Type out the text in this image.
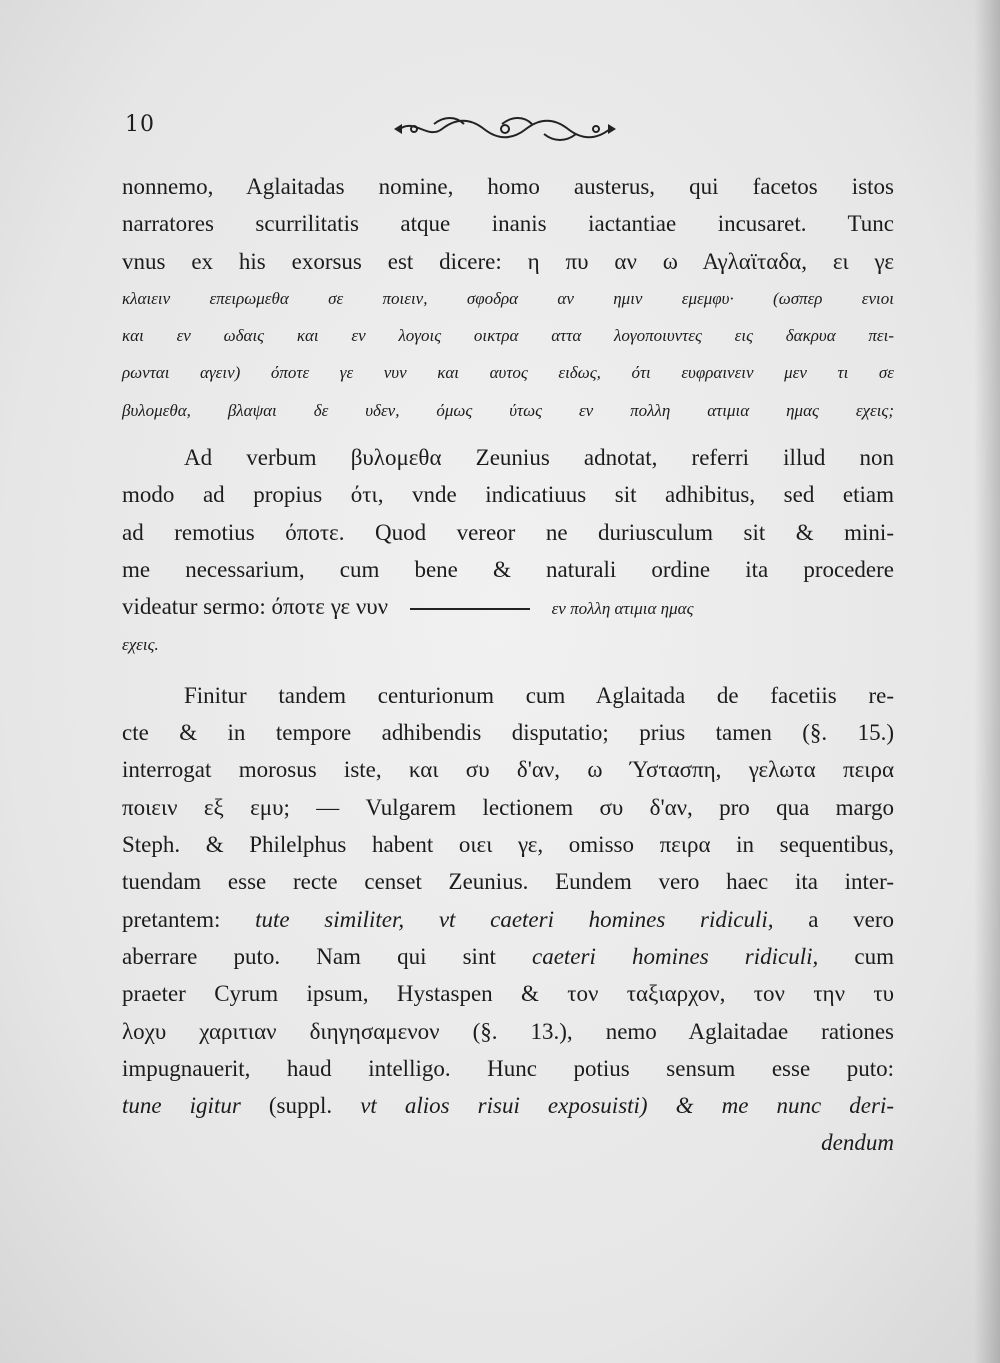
10
nonnemo, Aglaitadas nomine, homo austerus, qui facetos istos
narratores scurrilitatis atque inanis iactantiae incusaret. Tunc
vnus ex his exorsus est dicere: η πυ αν ω Αγλαϊταδα, ει γε
κλαιειν επειρωμεθα σε ποιειν, σφοδρα αν ημιν εμεμφυ· (ωσπερ ενιοι
και εν ωδαις και εν λογοις οικτρα αττα λογοποιυντες εις δακρυα πει-
ρωνται αγειν) όποτε γε νυν και αυτος ειδως, ότι ευφραινειν μεν τι σε
βυλομεθα, βλαψαι δε υδεν, όμως ύτως εν πολλη ατιμια ημας εχεις;
Ad verbum βυλομεθα Zeunius adnotat, referri illud non
modo ad propius ότι, vnde indicatiuus sit adhibitus, sed etiam
ad remotius όποτε. Quod vereor ne duriusculum sit & mini-
me necessarium, cum bene & naturali ordine ita procedere
videatur sermo: όποτε γε νυν	εν πολλη ατιμια ημας
εχεις.
Finitur tandem centurionum cum Aglaitada de facetiis re-
cte & in tempore adhibendis disputatio; prius tamen (§. 15.)
interrogat morosus iste, και συ δ'αν, ω Ύστασπη, γελωτα πειρα
ποιειν εξ εμυ; — Vulgarem lectionem συ δ'αν, pro qua margo
Steph. & Philelphus habent οιει γε, omisso πειρα in sequentibus,
tuendam esse recte censet Zeunius. Eundem vero haec ita inter-
pretantem: tute similiter, vt caeteri homines ridiculi, a vero
aberrare puto. Nam qui sint caeteri homines ridiculi, cum
praeter Cyrum ipsum, Hystaspen & τον ταξιαρχον, τον την τυ
λοχυ χαριτιαν διηγησαμενον (§. 13.), nemo Aglaitadae rationes
impugnauerit, haud intelligo. Hunc potius sensum esse puto:
tune igitur (suppl. vt alios risui exposuisti) & me nunc deri-
dendum
